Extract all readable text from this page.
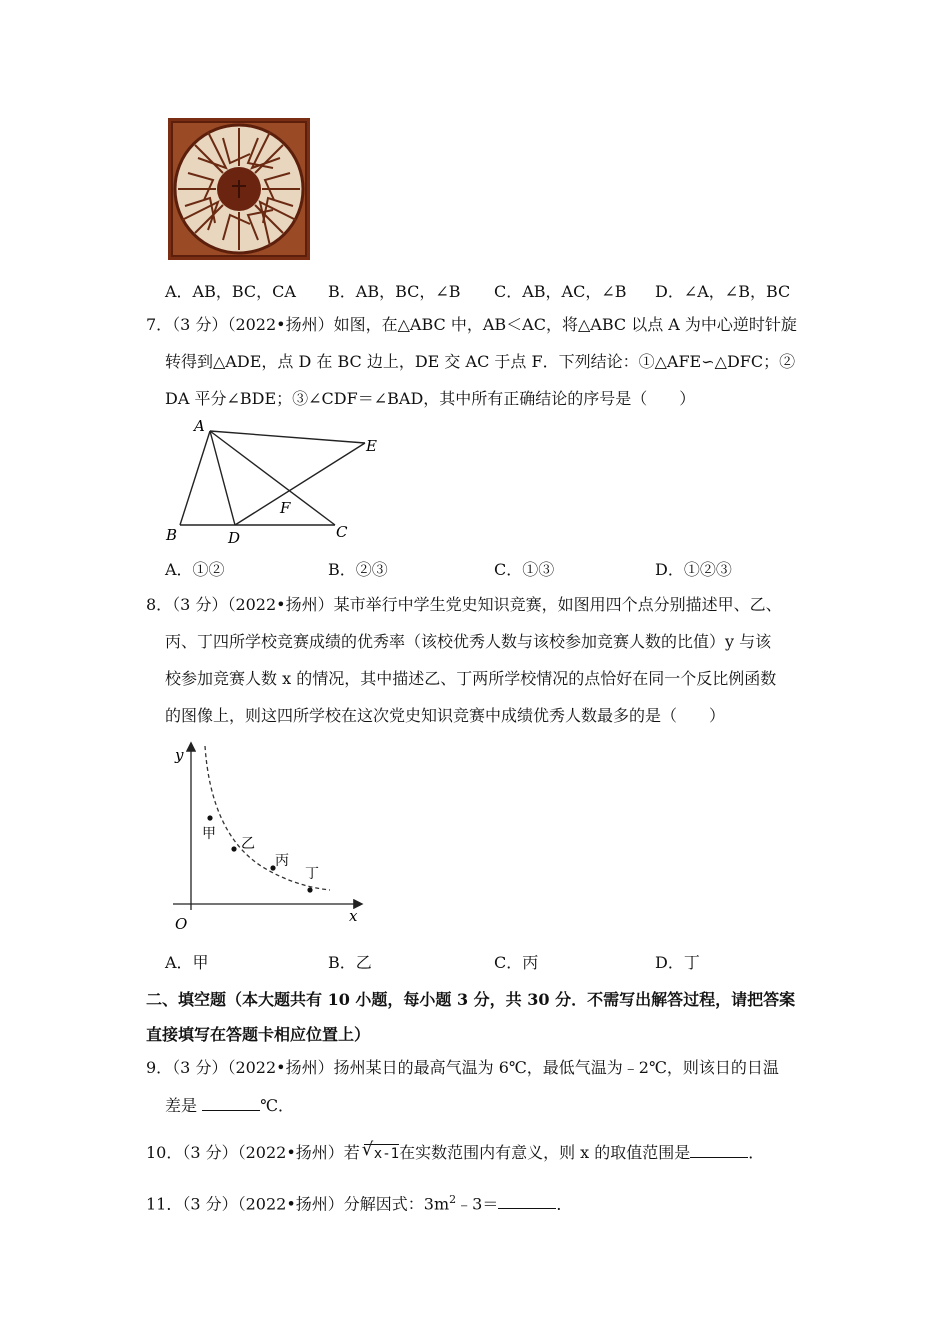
A．AB，BC，CA B．AB，BC，∠B C．AB，AC，∠B D．∠A，∠B，BC
7．（3 分）（2022•扬州）如图，在△ABC 中，AB＜AC，将△ABC 以点 A 为中心逆时针旋
转得到△ADE，点 D 在 BC 边上，DE 交 AC 于点 F．下列结论：①△AFE∽△DFC；②
DA 平分∠BDE；③∠CDF＝∠BAD，其中所有正确结论的序号是（　　）
A
B	C
D
E
F
A．①②	B．②③	C．①③	D．①②③
8．（3 分）（2022•扬州）某市举行中学生党史知识竞赛，如图用四个点分别描述甲、乙、
丙、丁四所学校竞赛成绩的优秀率（该校优秀人数与该校参加竞赛人数的比值）y 与该
校参加竞赛人数 x 的情况，其中描述乙、丁两所学校情况的点恰好在同一个反比例函数
的图像上，则这四所学校在这次党史知识竞赛中成绩优秀人数最多的是（　　）
y
x
O
甲
乙
丙
丁
A．甲	B．乙	C．丙	D．丁
二、填空题（本大题共有 10 小题，每小题 3 分，共 30 分．不需写出解答过程，请把答案
直接填写在答题卡相应位置上）
9．（3 分）（2022•扬州）扬州某日的最高气温为 6℃，最低气温为﹣2℃，则该日的日温
差是	℃．
10．（3 分）（2022•扬州）若 √ x-1在实数范围内有意义，则 x 的取值范围是	．
11．（3 分）（2022•扬州）分解因式：$3m^2﹣3=$	．
